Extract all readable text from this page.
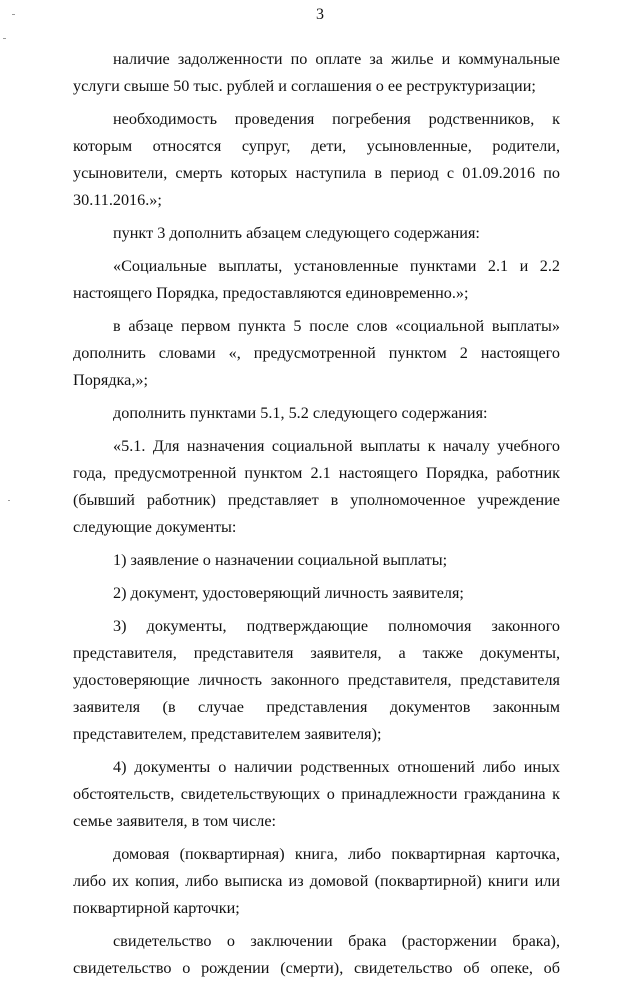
3

наличие задолженности по оплате за жилье и коммунальные услуги свыше 50 тыс. рублей и соглашения о ее реструктуризации;

необходимость проведения погребения родственников, к которым относятся супруг, дети, усыновленные, родители, усыновители, смерть которых наступила в период с 01.09.2016 по 30.11.2016.»;

пункт 3 дополнить абзацем следующего содержания:

«Социальные выплаты, установленные пунктами 2.1 и 2.2 настоящего Порядка, предоставляются единовременно.»;

в абзаце первом пункта 5 после слов «социальной выплаты» дополнить словами «, предусмотренной пунктом 2 настоящего Порядка,»;

дополнить пунктами 5.1, 5.2 следующего содержания:

«5.1. Для назначения социальной выплаты к началу учебного года, предусмотренной пунктом 2.1 настоящего Порядка, работник (бывший работник) представляет в уполномоченное учреждение следующие документы:

1) заявление о назначении социальной выплаты;

2) документ, удостоверяющий личность заявителя;

3) документы, подтверждающие полномочия законного представителя, представителя заявителя, а также документы, удостоверяющие личность законного представителя, представителя заявителя (в случае представления документов законным представителем, представителем заявителя);

4) документы о наличии родственных отношений либо иных обстоятельств, свидетельствующих о принадлежности гражданина к семье заявителя, в том числе:

домовая (поквартирная) книга, либо поквартирная карточка, либо их копия, либо выписка из домовой (поквартирной) книги или поквартирной карточки;

свидетельство о заключении брака (расторжении брака), свидетельство о рождении (смерти), свидетельство об опеке, об
